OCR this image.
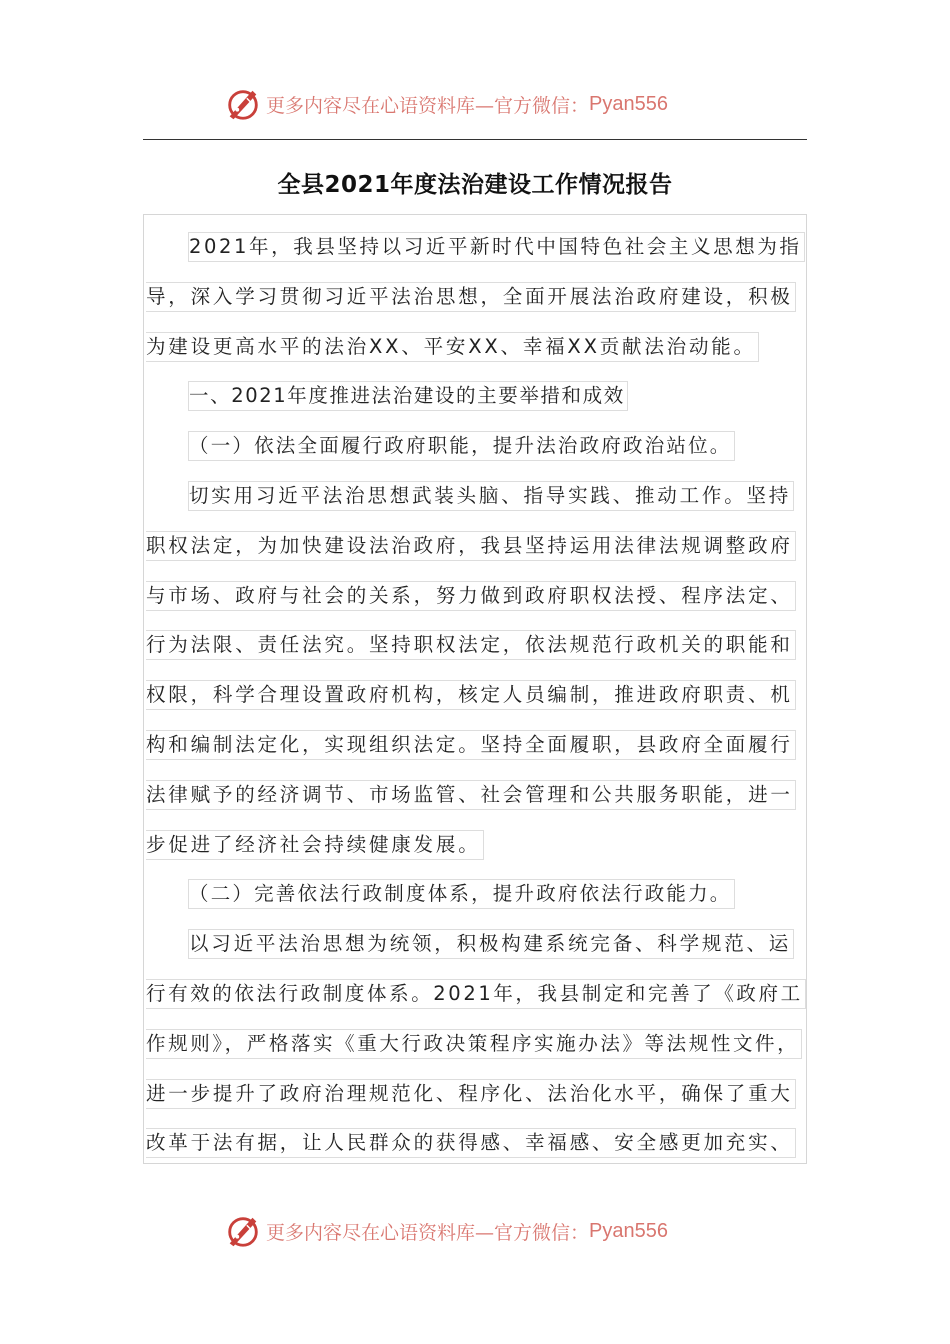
更多内容尽在心语资料库—官方微信： Pyan556
全县2021年度法治建设工作情况报告
2021年，我县坚持以习近平新时代中国特色社会主义思想为指
导，深入学习贯彻习近平法治思想，全面开展法治政府建设，积极
为建设更高水平的法治XX、平安XX、幸福XX贡献法治动能。
一、2021年度推进法治建设的主要举措和成效
（一）依法全面履行政府职能，提升法治政府政治站位。
切实用习近平法治思想武装头脑、指导实践、推动工作。坚持
职权法定，为加快建设法治政府，我县坚持运用法律法规调整政府
与市场、政府与社会的关系，努力做到政府职权法授、程序法定、
行为法限、责任法究。坚持职权法定，依法规范行政机关的职能和
权限，科学合理设置政府机构，核定人员编制，推进政府职责、机
构和编制法定化，实现组织法定。坚持全面履职，县政府全面履行
法律赋予的经济调节、市场监管、社会管理和公共服务职能，进一
步促进了经济社会持续健康发展。
（二）完善依法行政制度体系，提升政府依法行政能力。
以习近平法治思想为统领，积极构建系统完备、科学规范、运
行有效的依法行政制度体系。2021年，我县制定和完善了《政府工
作规则》，严格落实《重大行政决策程序实施办法》等法规性文件，
进一步提升了政府治理规范化、程序化、法治化水平，确保了重大
改革于法有据，让人民群众的获得感、幸福感、安全感更加充实、
更多内容尽在心语资料库—官方微信： Pyan556
